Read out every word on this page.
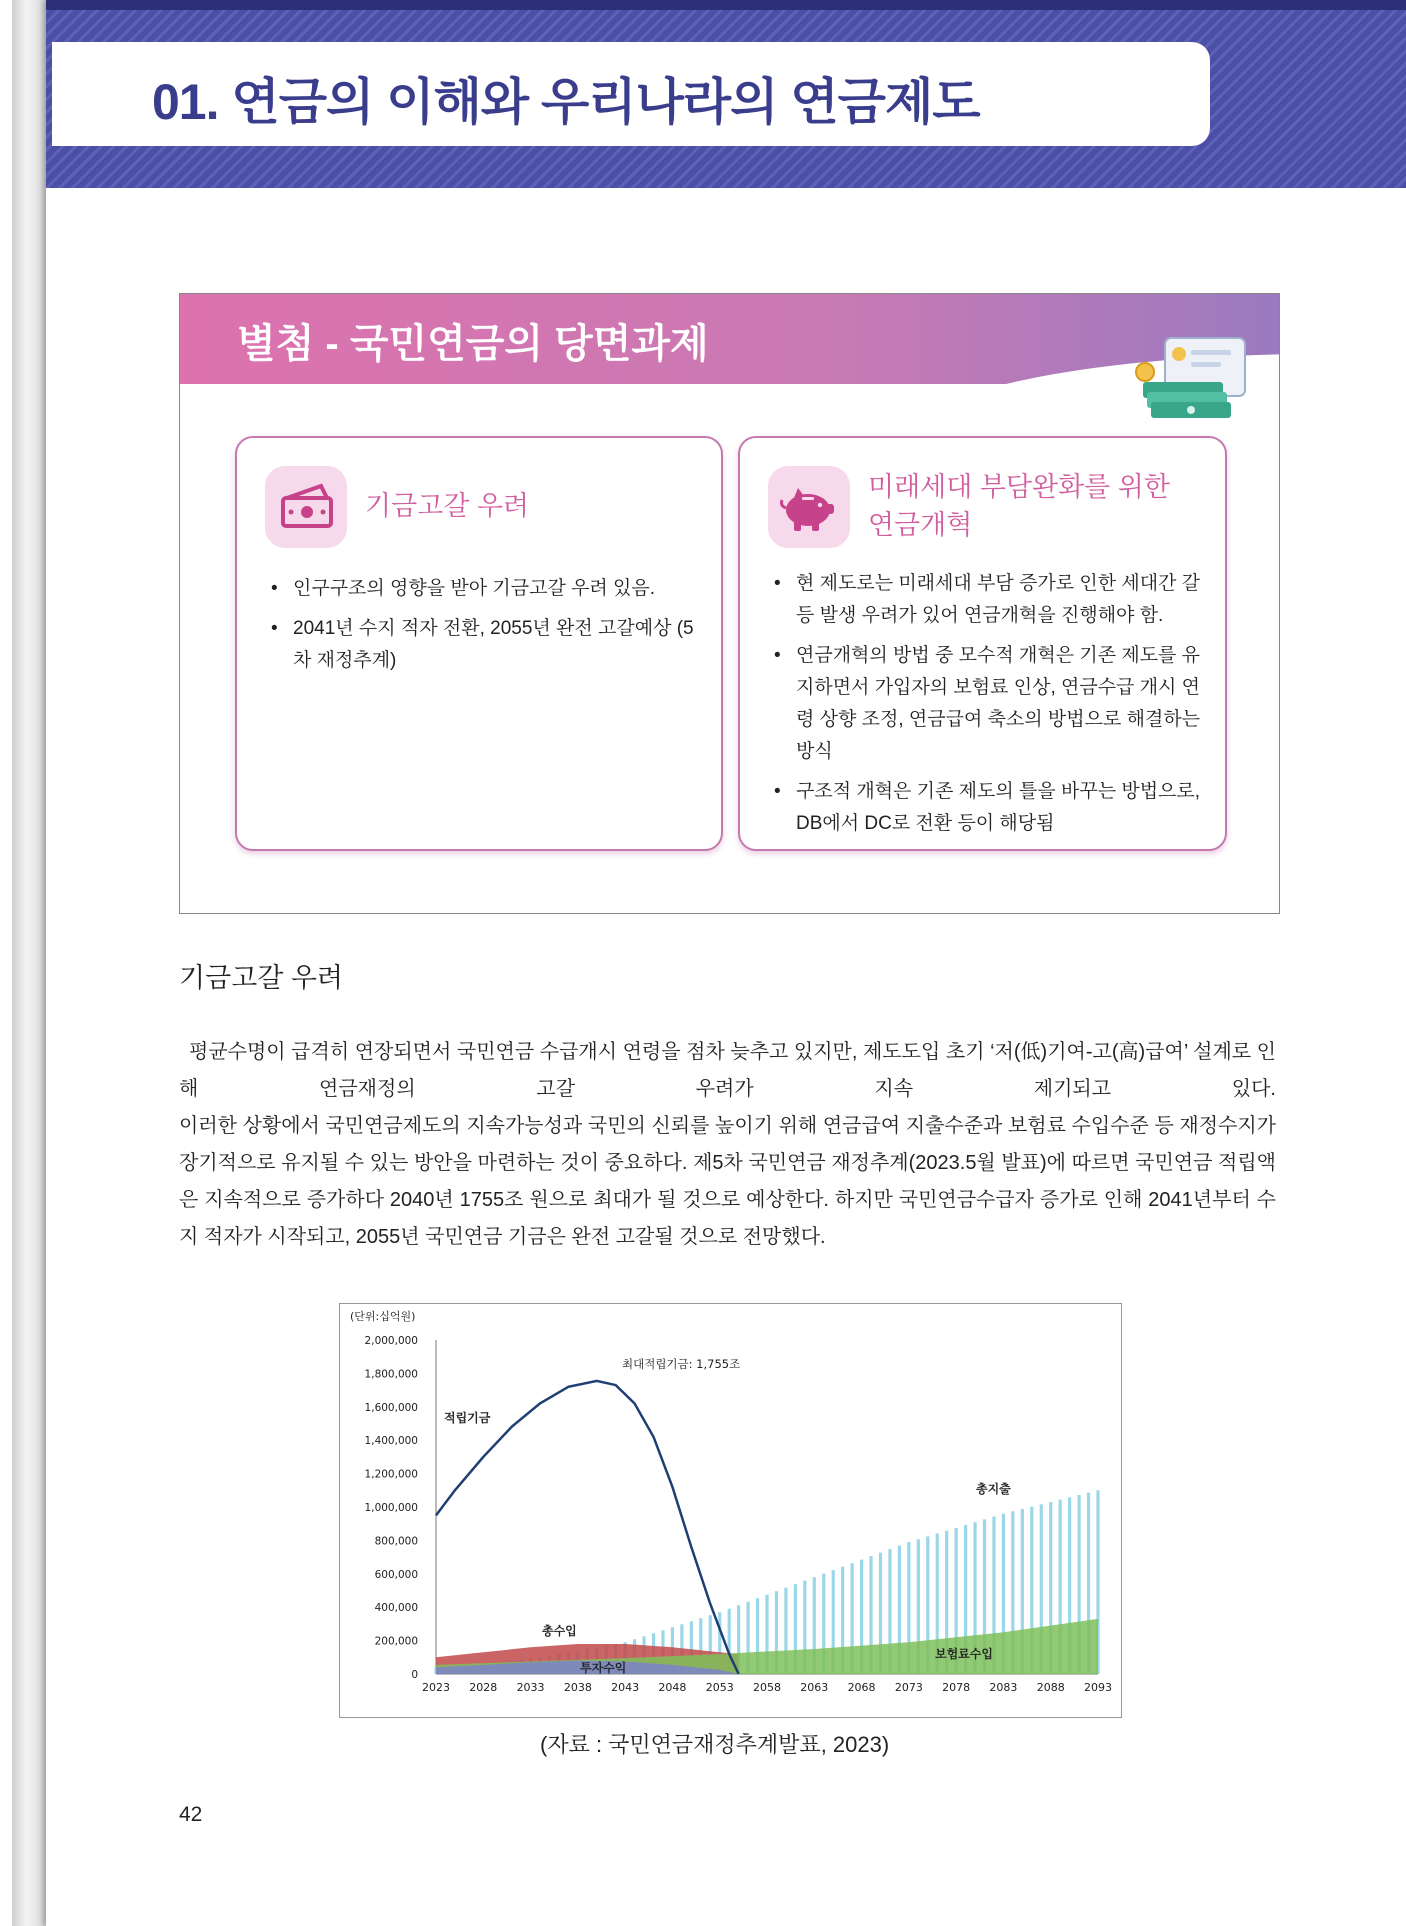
01. 연금의 이해와 우리나라의 연금제도
별첨 - 국민연금의 당면과제
기금고갈 우려
• 인구구조의 영향을 받아 기금고갈 우려 있음.
• 2041년 수지 적자 전환, 2055년 완전 고갈예상 (5차 재정추계)
미래세대 부담완화를 위한
연금개혁
• 현 제도로는 미래세대 부담 증가로 인한 세대간 갈등 발생 우려가 있어 연금개혁을 진행해야 함.
• 연금개혁의 방법 중 모수적 개혁은 기존 제도를 유지하면서 가입자의 보험료 인상, 연금수급 개시 연령 상향 조정, 연금급여 축소의 방법으로 해결하는 방식
• 구조적 개혁은 기존 제도의 틀을 바꾸는 방법으로, DB에서 DC로 전환 등이 해당됨
기금고갈 우려

평균수명이 급격히 연장되면서 국민연금 수급개시 연령을 점차 늦추고 있지만, 제도도입 초기 ‘저(低)기여-고(高)급여’ 설계로 인해 연금재정의 고갈 우려가 지속 제기되고 있다.

이러한 상황에서 국민연금제도의 지속가능성과 국민의 신뢰를 높이기 위해 연금급여 지출수준과 보험료 수입수준 등 재정수지가 장기적으로 유지될 수 있는 방안을 마련하는 것이 중요하다. 제5차 국민연금 재정추계(2023.5월 발표)에 따르면 국민연금 적립액은 지속적으로 증가하다 2040년 1755조 원으로 최대가 될 것으로 예상한다. 하지만 국민연금수급자 증가로 인해 2041년부터 수지 적자가 시작되고, 2055년 국민연금 기금은 완전 고갈될 것으로 전망했다.

(단위:십억원)
2,000,000
1,800,000
1,600,000
1,400,000
1,200,000
1,000,000
800,000
600,000
400,000
200,000
0
2023 2028 2033 2038 2043 2048 2053 2058 2063 2068 2073 2078 2083 2088 2093
적립기금
총지출
총수입
보험료수입
투자수익
최대적립기금: 1,755조
(자료 : 국민연금재정추계발표, 2023)
42
